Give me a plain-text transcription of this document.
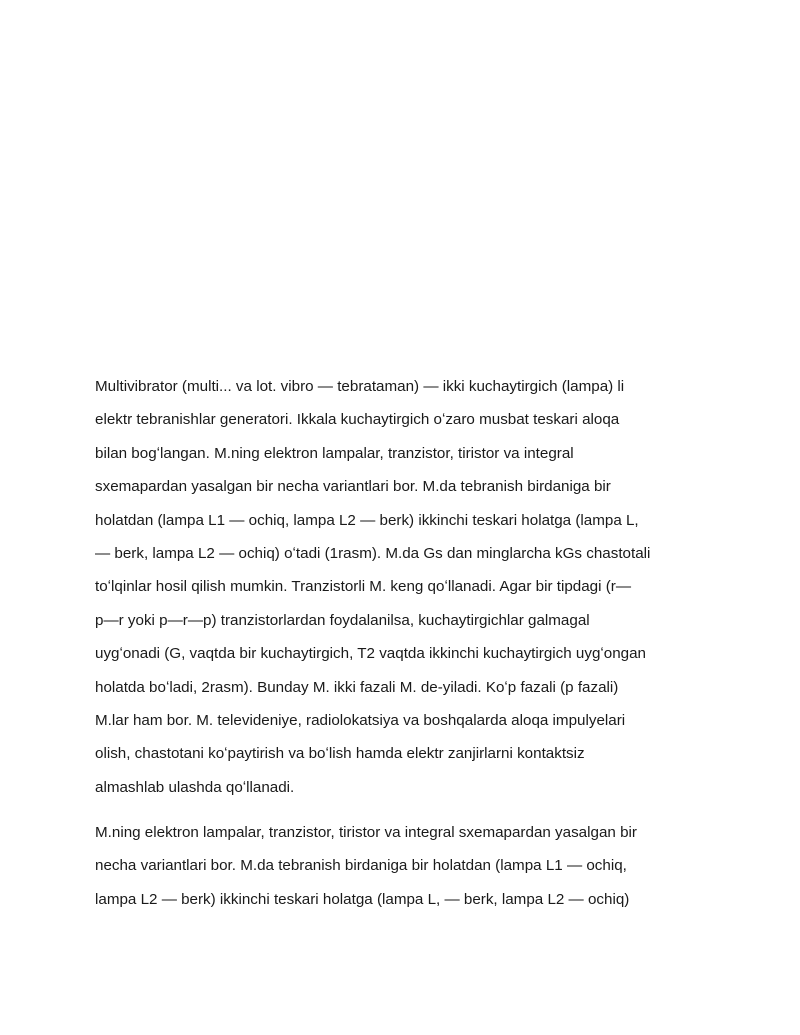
Multivibrator (multi... va lot. vibro — tebrataman) — ikki kuchaytirgich (lampa) li
elektr tebranishlar generatori. Ikkala kuchaytirgich oʻzaro musbat teskari aloqa
bilan bogʻlangan. M.ning elektron lampalar, tranzistor, tiristor va integral
sxemapardan yasalgan bir necha variantlari bor. M.da tebranish birdaniga bir
holatdan (lampa L1 — ochiq, lampa L2 — berk) ikkinchi teskari holatga (lampa L,
— berk, lampa L2 — ochiq) oʻtadi (1rasm). M.da Gs dan minglarcha kGs chastotali
toʻlqinlar hosil qilish mumkin. Tranzistorli M. keng qoʻllanadi. Agar bir tipdagi (r—
p—r yoki p—r—p) tranzistorlardan foydalanilsa, kuchaytirgichlar galmagal
uygʻonadi (G, vaqtda bir kuchaytirgich, T2 vaqtda ikkinchi kuchaytirgich uygʻongan
holatda boʻladi, 2rasm). Bunday M. ikki fazali M. de-yiladi. Koʻp fazali (p fazali)
M.lar ham bor. M. televideniye, radiolokatsiya va boshqalarda aloqa impulyelari
olish, chastotani koʻpaytirish va boʻlish hamda elektr zanjirlarni kontaktsiz
almashlab ulashda qoʻllanadi.

M.ning elektron lampalar, tranzistor, tiristor va integral sxemapardan yasalgan bir
necha variantlari bor. M.da tebranish birdaniga bir holatdan (lampa L1 — ochiq,
lampa L2 — berk) ikkinchi teskari holatga (lampa L, — berk, lampa L2 — ochiq)
